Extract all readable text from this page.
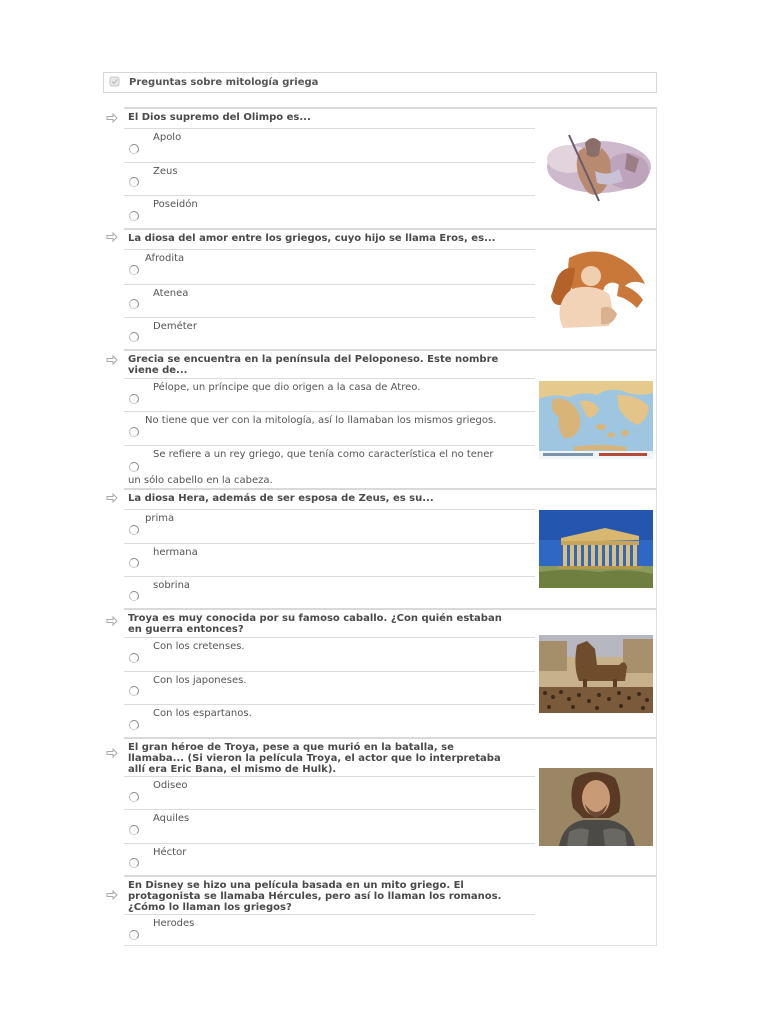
Preguntas sobre mitología griega
El Dios supremo del Olimpo es...
Apolo
Zeus
Poseidón
La diosa del amor entre los griegos, cuyo hijo se llama Eros, es...
Afrodita
Atenea
Deméter
Grecia se encuentra en la península del Peloponeso. Este nombre
viene de...
Pélope, un príncipe que dio origen a la casa de Atreo.
No tiene que ver con la mitología, así lo llamaban los mismos griegos.
Se refiere a un rey griego, que tenía como característica el no tener
un sólo cabello en la cabeza.
La diosa Hera, además de ser esposa de Zeus, es su...
prima
hermana
sobrina
Troya es muy conocida por su famoso caballo. ¿Con quién estaban
en guerra entonces?
Con los cretenses.
Con los japoneses.
Con los espartanos.
El gran héroe de Troya, pese a que murió en la batalla, se
llamaba... (Si vieron la película Troya, el actor que lo interpretaba
allí era Eric Bana, el mismo de Hulk).
Odiseo
Aquiles
Héctor
En Disney se hizo una película basada en un mito griego. El
protagonista se llamaba Hércules, pero así lo llaman los romanos.
¿Cómo lo llaman los griegos?
Herodes
